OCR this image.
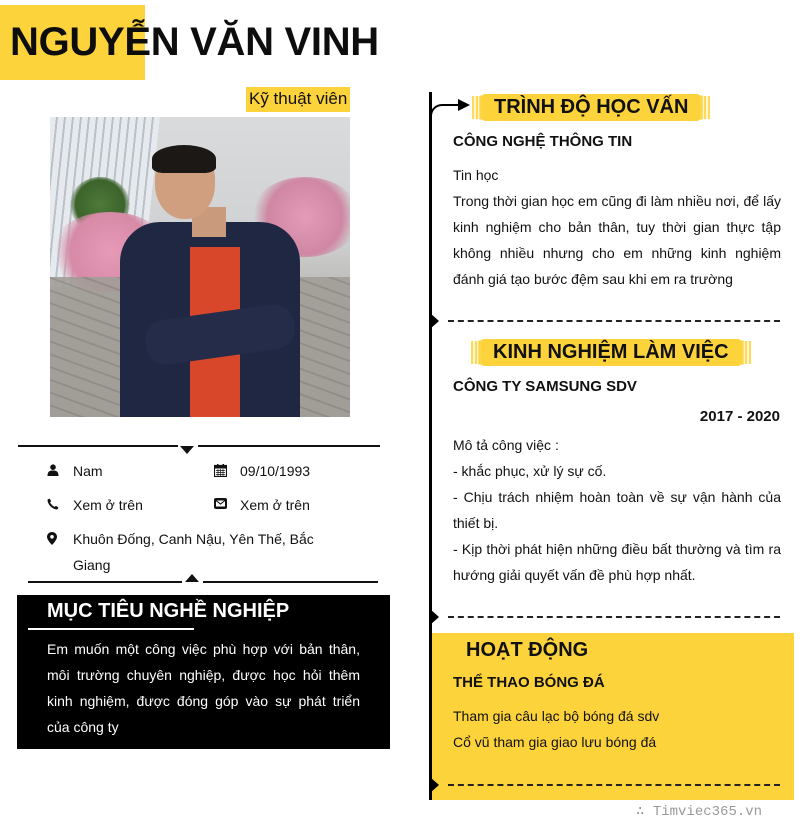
NGUYỄN VĂN VINH
Kỹ thuật viên
Nam	09/10/1993
Xem ở trên	Xem ở trên
Khuôn Đống, Canh Nậu, Yên Thế, Bắc Giang
MỤC TIÊU NGHỀ NGHIỆP

Em muốn một công việc phù hợp với bản thân, môi trường chuyên nghiệp, được học hỏi thêm kinh nghiệm, được đóng góp vào sự phát triển của công ty

TRÌNH ĐỘ HỌC VẤN
CÔNG NGHỆ THÔNG TIN
Tin học
Trong thời gian học em cũng đi làm nhiều nơi, để lấy kinh nghiệm cho bản thân, tuy thời gian thực tập không nhiều nhưng cho em những kinh nghiệm đánh giá tạo bước đệm sau khi em ra trường
KINH NGHIỆM LÀM VIỆC
CÔNG TY SAMSUNG SDV
2017 - 2020
Mô tả công việc :
- khắc phục, xử lý sự cố.
- Chịu trách nhiệm hoàn toàn về sự vận hành của thiết bị.
- Kịp thời phát hiện những điều bất thường và tìm ra hướng giải quyết vấn đề phù hợp nhất.
HOẠT ĐỘNG
THỂ THAO BÓNG ĐÁ
Tham gia câu lạc bộ bóng đá sdv
Cổ vũ tham gia giao lưu bóng đá
∴ Timviec365.vn
